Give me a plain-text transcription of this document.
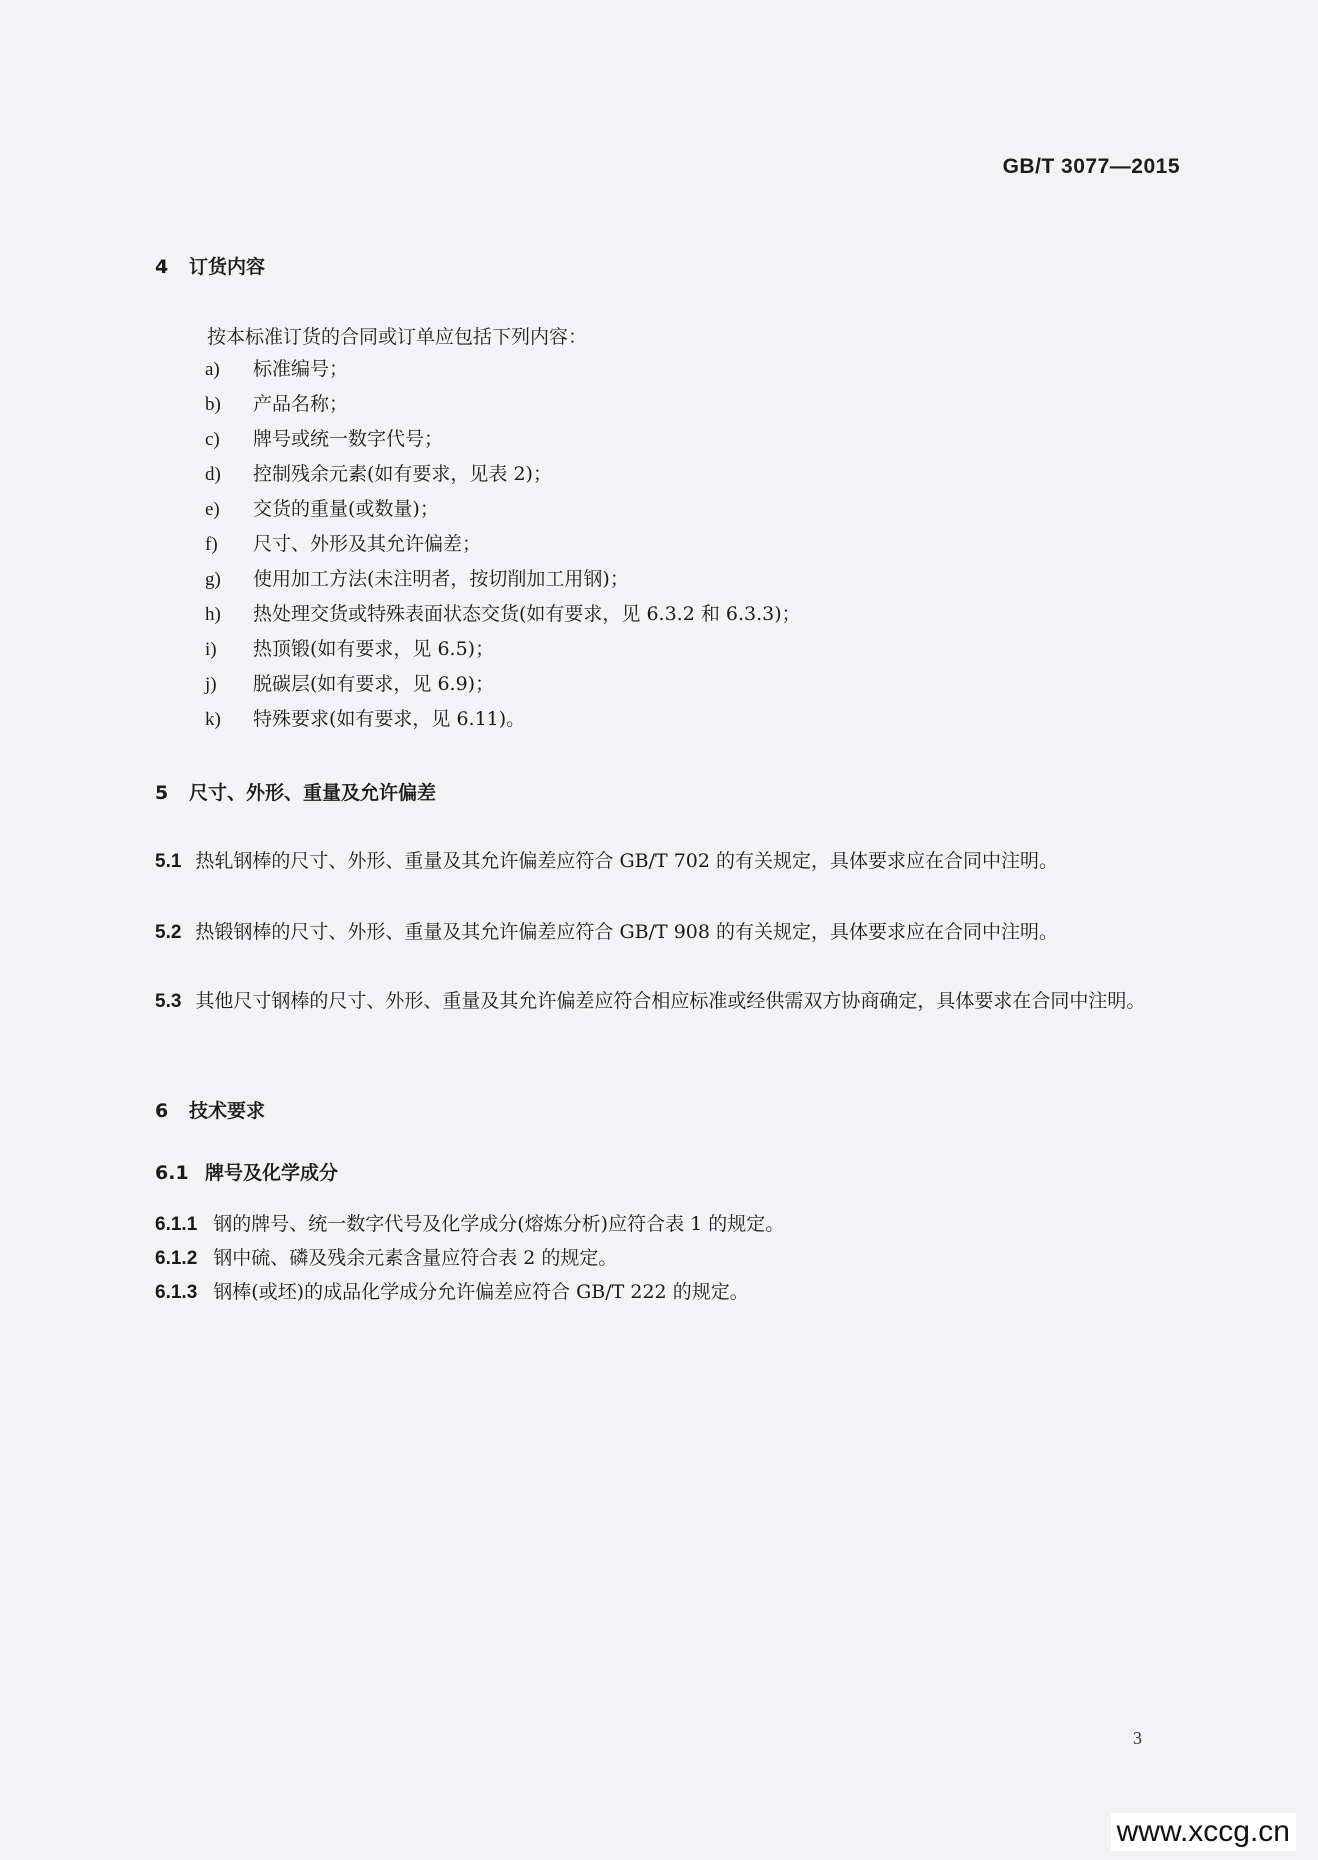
GB/T 3077—2015
4 订货内容
按本标准订货的合同或订单应包括下列内容：
a) 标准编号；
b) 产品名称；
c) 牌号或统一数字代号；
d) 控制残余元素(如有要求，见表 2)；
e) 交货的重量(或数量)；
f) 尺寸、外形及其允许偏差；
g) 使用加工方法(未注明者，按切削加工用钢)；
h) 热处理交货或特殊表面状态交货(如有要求，见 6.3.2 和 6.3.3)；
i) 热顶锻(如有要求，见 6.5)；
j) 脱碳层(如有要求，见 6.9)；
k) 特殊要求(如有要求，见 6.11)。
5 尺寸、外形、重量及允许偏差
5.1 热轧钢棒的尺寸、外形、重量及其允许偏差应符合 GB/T 702 的有关规定，具体要求应在合同中注明。
5.2 热锻钢棒的尺寸、外形、重量及其允许偏差应符合 GB/T 908 的有关规定，具体要求应在合同中注明。
5.3 其他尺寸钢棒的尺寸、外形、重量及其允许偏差应符合相应标准或经供需双方协商确定，具体要求在合同中注明。
6 技术要求
6.1 牌号及化学成分
6.1.1 钢的牌号、统一数字代号及化学成分(熔炼分析)应符合表 1 的规定。
6.1.2 钢中硫、磷及残余元素含量应符合表 2 的规定。
6.1.3 钢棒(或坯)的成品化学成分允许偏差应符合 GB/T 222 的规定。
3
www.xccg.cn
